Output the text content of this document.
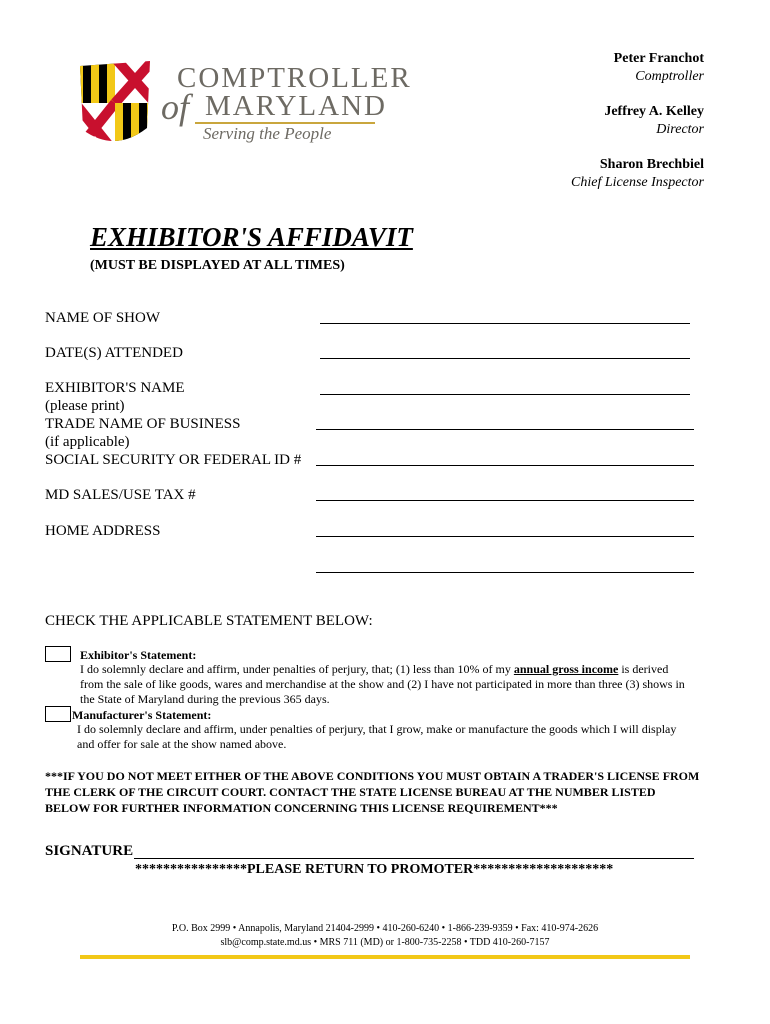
COMPTROLLER
of MARYLAND
Serving the People
Peter Franchot
Comptroller
Jeffrey A. Kelley
Director
Sharon Brechbiel
Chief License Inspector
EXHIBITOR'S AFFIDAVIT
(MUST BE DISPLAYED AT ALL TIMES)
NAME OF SHOW
DATE(S) ATTENDED
EXHIBITOR'S NAME
(please print)
TRADE NAME OF BUSINESS
(if applicable)
SOCIAL SECURITY OR FEDERAL ID #
MD SALES/USE TAX #
HOME ADDRESS
CHECK THE APPLICABLE STATEMENT BELOW:
Exhibitor's Statement:
I do solemnly declare and affirm, under penalties of perjury, that; (1) less than 10% of my annual gross income is derived
from the sale of like goods, wares and merchandise at the show and (2) I have not participated in more than three (3) shows in
the State of Maryland during the previous 365 days.
Manufacturer's Statement:
I do solemnly declare and affirm, under penalties of perjury, that I grow, make or manufacture the goods which I will display
and offer for sale at the show named above.
***IF YOU DO NOT MEET EITHER OF THE ABOVE CONDITIONS YOU MUST OBTAIN A TRADER'S LICENSE FROM
THE CLERK OF THE CIRCUIT COURT. CONTACT THE STATE LICENSE BUREAU AT THE NUMBER LISTED
BELOW FOR FURTHER INFORMATION CONCERNING THIS LICENSE REQUIREMENT***
SIGNATURE
****************PLEASE RETURN TO PROMOTER********************
P.O. Box 2999 • Annapolis, Maryland 21404-2999 • 410-260-6240 • 1-866-239-9359 • Fax: 410-974-2626
slb@comp.state.md.us • MRS 711 (MD) or 1-800-735-2258 • TDD 410-260-7157
